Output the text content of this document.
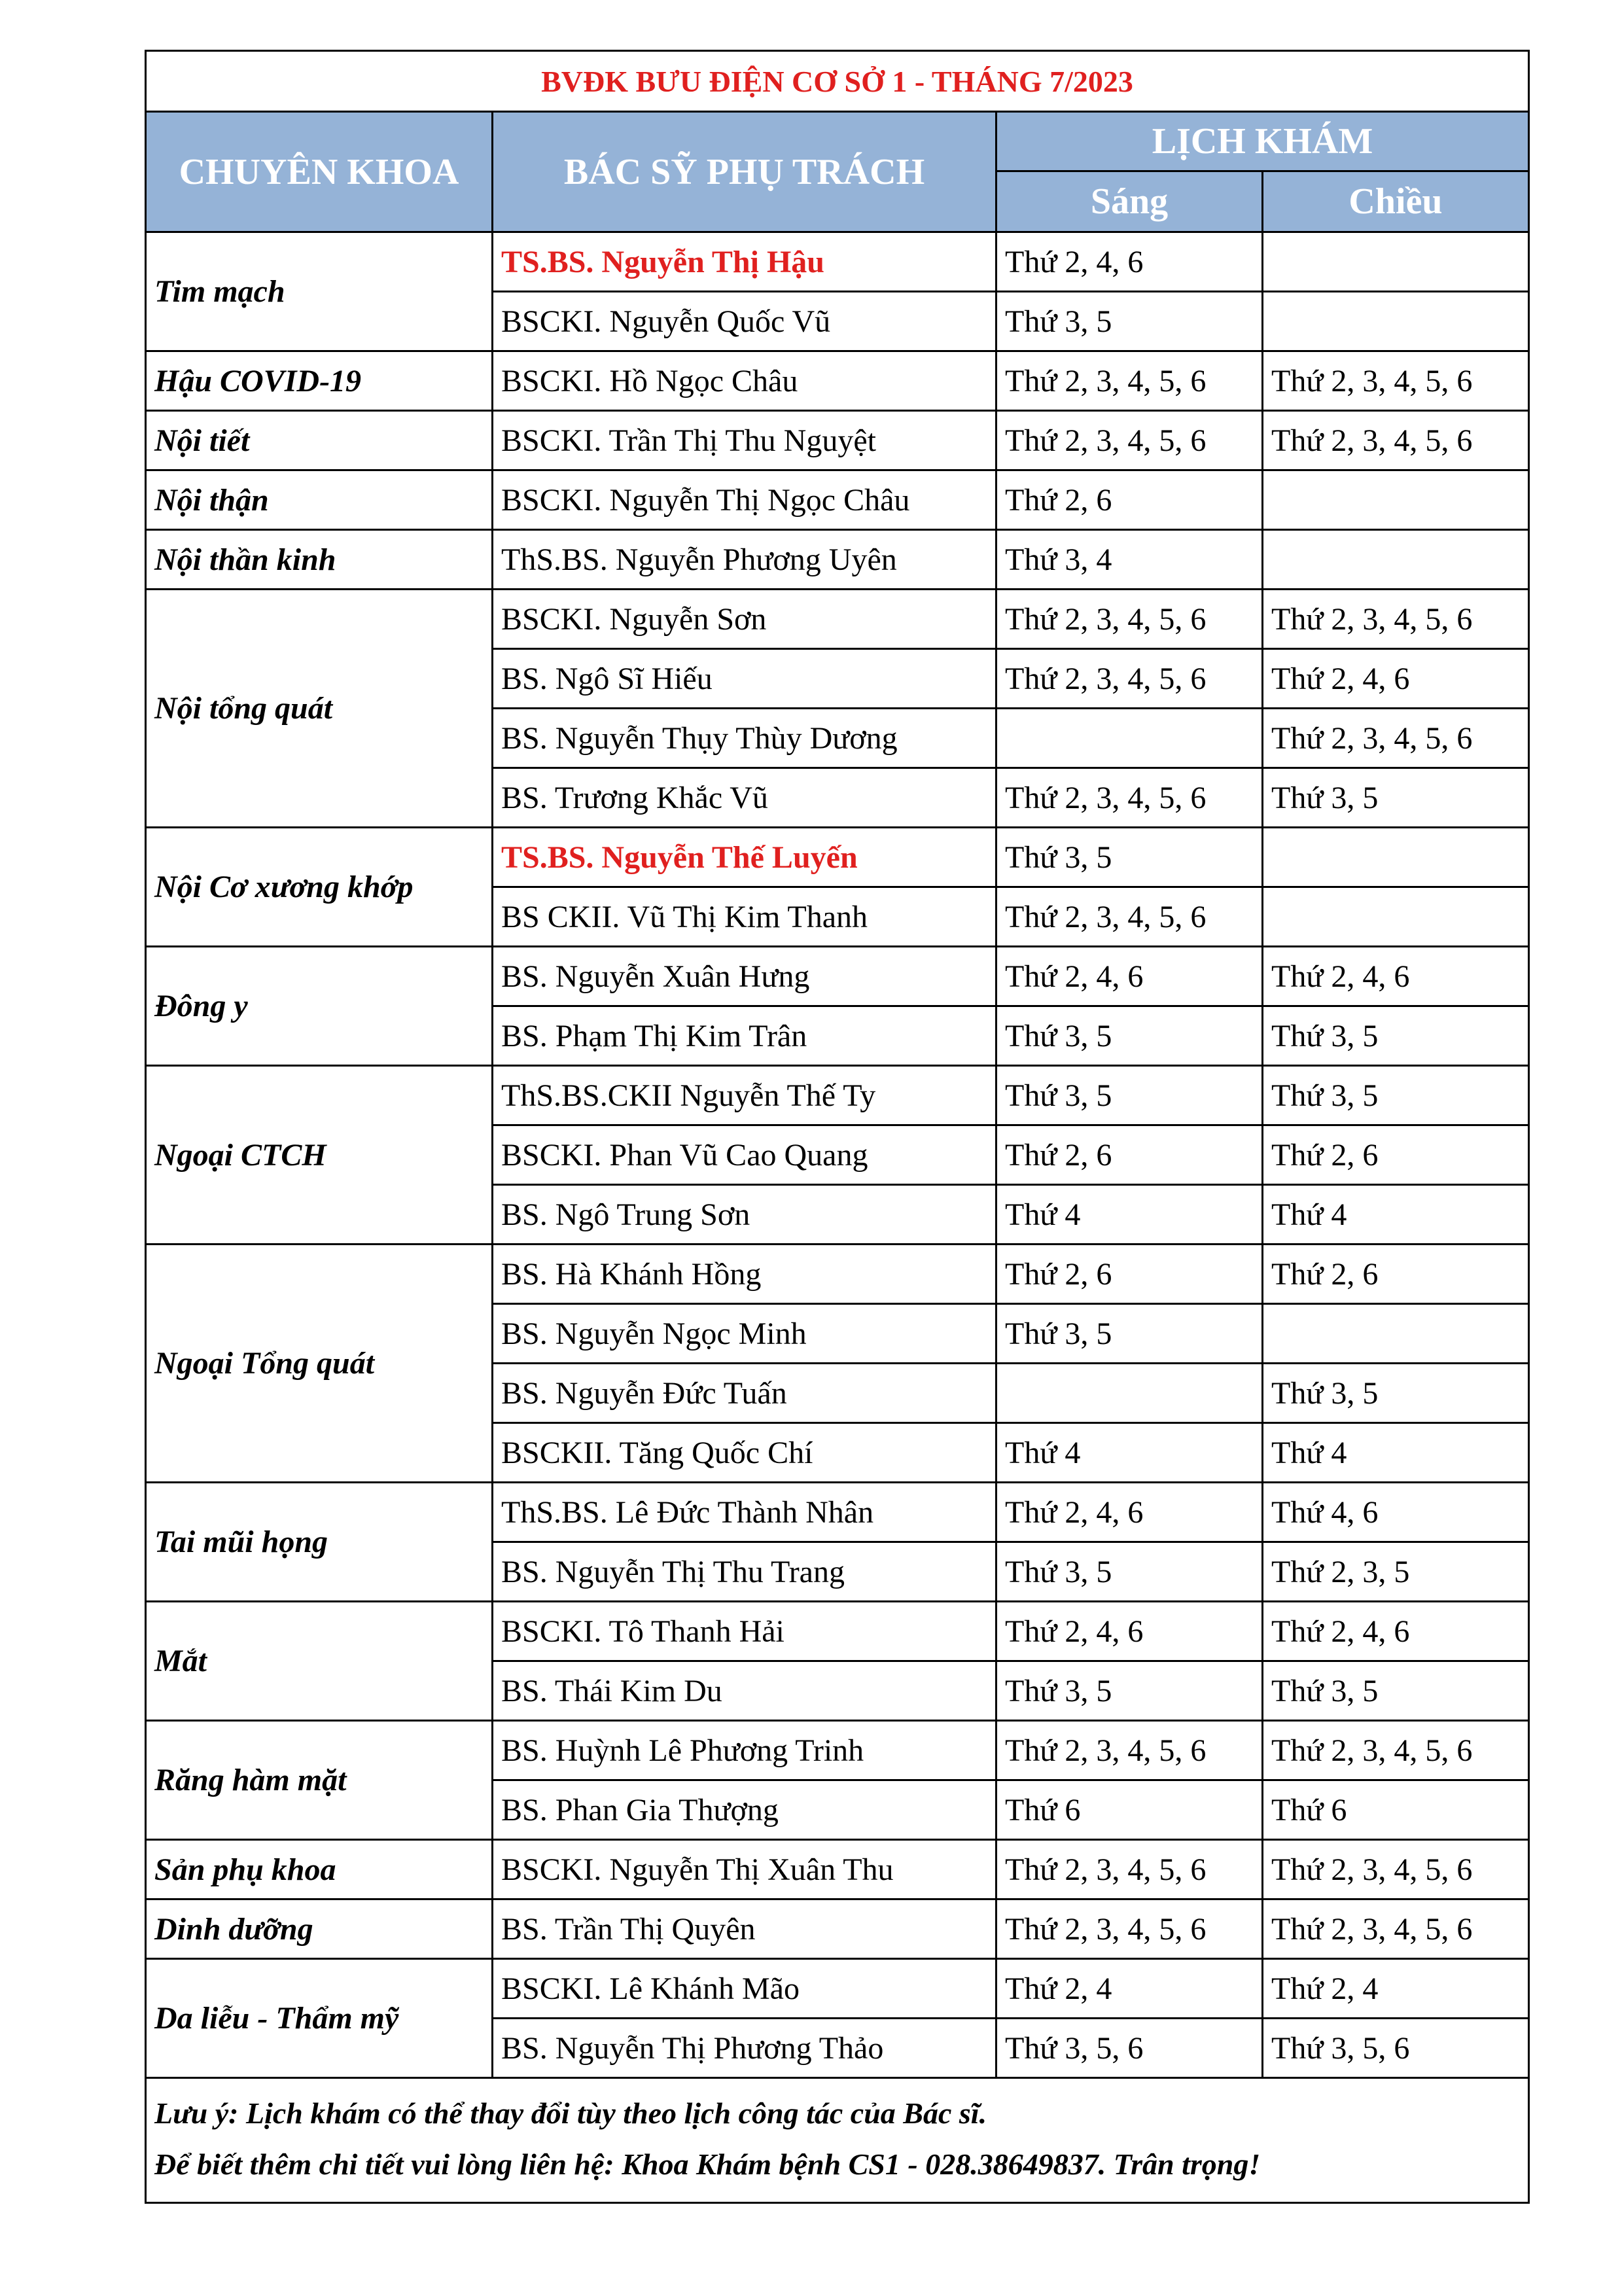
BVĐK BƯU ĐIỆN CƠ SỞ 1 - THÁNG 7/2023			
CHUYÊN KHOA	BÁC SỸ PHỤ TRÁCH	LỊCH KHÁM	
		Sáng	Chiều
Tim mạch	TS.BS. Nguyễn Thị Hậu	Thứ 2, 4, 6	
	BSCKI. Nguyễn Quốc Vũ	Thứ 3, 5	
Hậu COVID-19	BSCKI. Hồ Ngọc Châu	Thứ 2, 3, 4, 5, 6	Thứ 2, 3, 4, 5, 6
Nội tiết	BSCKI. Trần Thị Thu Nguyệt	Thứ 2, 3, 4, 5, 6	Thứ 2, 3, 4, 5, 6
Nội thận	BSCKI. Nguyễn Thị Ngọc Châu	Thứ 2, 6	
Nội thần kinh	ThS.BS. Nguyễn Phương Uyên	Thứ 3, 4	
Nội tổng quát	BSCKI. Nguyễn Sơn	Thứ 2, 3, 4, 5, 6	Thứ 2, 3, 4, 5, 6
	BS. Ngô Sĩ Hiếu	Thứ 2, 3, 4, 5, 6	Thứ 2, 4, 6
	BS. Nguyễn Thụy Thùy Dương		Thứ 2, 3, 4, 5, 6
	BS. Trương Khắc Vũ	Thứ 2, 3, 4, 5, 6	Thứ 3, 5
Nội Cơ xương khớp	TS.BS. Nguyễn Thế Luyến	Thứ 3, 5	
	BS CKII. Vũ Thị Kim Thanh	Thứ 2, 3, 4, 5, 6	
Đông y	BS. Nguyễn Xuân Hưng	Thứ 2, 4, 6	Thứ 2, 4, 6
	BS. Phạm Thị Kim Trân	Thứ 3, 5	Thứ 3, 5
Ngoại CTCH	ThS.BS.CKII Nguyễn Thế Ty	Thứ 3, 5	Thứ 3, 5
	BSCKI. Phan Vũ Cao Quang	Thứ 2, 6	Thứ 2, 6
	BS. Ngô Trung Sơn	Thứ 4	Thứ 4
Ngoại Tổng quát	BS. Hà Khánh Hồng	Thứ 2, 6	Thứ 2, 6
	BS. Nguyễn Ngọc Minh	Thứ 3, 5	
	BS. Nguyễn Đức Tuấn		Thứ 3, 5
	BSCKII. Tăng Quốc Chí	Thứ 4	Thứ 4
Tai mũi họng	ThS.BS. Lê Đức Thành Nhân	Thứ 2, 4, 6	Thứ 4, 6
	BS. Nguyễn Thị Thu Trang	Thứ 3, 5	Thứ 2, 3, 5
Mắt	BSCKI. Tô Thanh Hải	Thứ 2, 4, 6	Thứ 2, 4, 6
	BS. Thái Kim Du	Thứ 3, 5	Thứ 3, 5
Răng hàm mặt	BS. Huỳnh Lê Phương Trinh	Thứ 2, 3, 4, 5, 6	Thứ 2, 3, 4, 5, 6
	BS. Phan Gia Thượng	Thứ 6	Thứ 6
Sản phụ khoa	BSCKI. Nguyễn Thị Xuân Thu	Thứ 2, 3, 4, 5, 6	Thứ 2, 3, 4, 5, 6
Dinh dưỡng	BS. Trần Thị Quyên	Thứ 2, 3, 4, 5, 6	Thứ 2, 3, 4, 5, 6
Da liễu - Thẩm mỹ	BSCKI. Lê Khánh Mão	Thứ 2, 4	Thứ 2, 4
	BS. Nguyễn Thị Phương Thảo	Thứ 3, 5, 6	Thứ 3, 5, 6

Lưu ý: Lịch khám có thể thay đổi tùy theo lịch công tác của Bác sĩ.
Để biết thêm chi tiết vui lòng liên hệ: Khoa Khám bệnh CS1 - 028.38649837. Trân trọng!			
